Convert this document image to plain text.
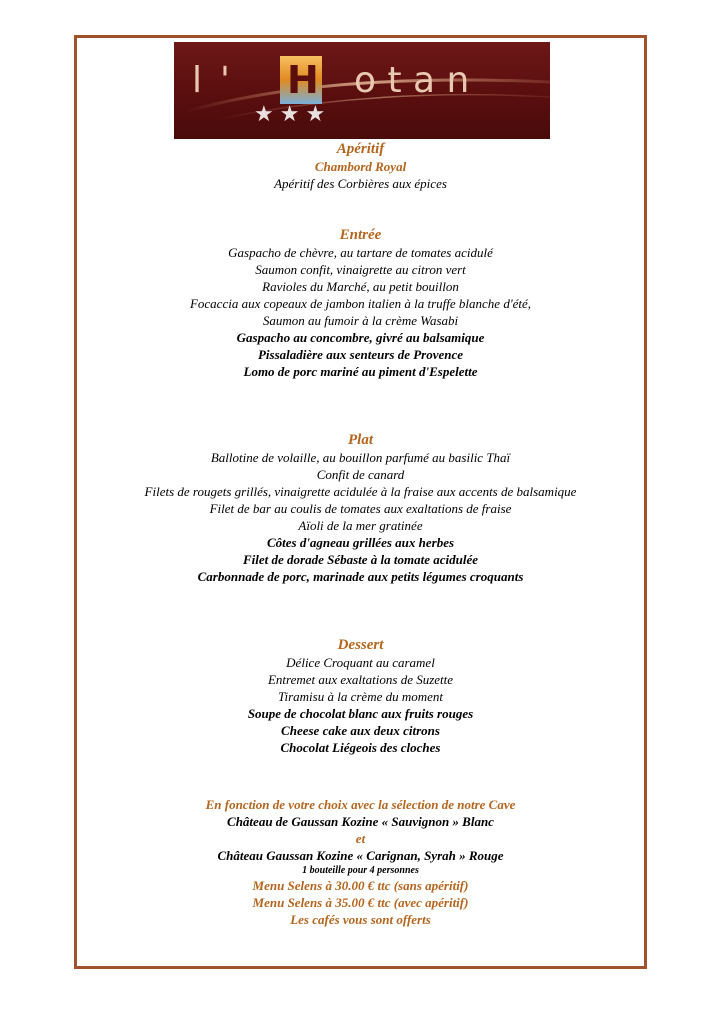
l' H o t a n
★★★
Apéritif
Chambord Royal
Apéritif des Corbières aux épices
Entrée
Gaspacho de chèvre, au tartare de tomates acidulé
Saumon confit, vinaigrette au citron vert
Ravioles du Marché, au petit bouillon
Focaccia aux copeaux de jambon italien à la truffe blanche d'été,
Saumon au fumoir à la crème Wasabi
Gaspacho au concombre, givré au balsamique
Pissaladière aux senteurs de Provence
Lomo de porc mariné au piment d'Espelette
Plat
Ballotine de volaille, au bouillon parfumé au basilic Thaï
Confit de canard
Filets de rougets grillés, vinaigrette acidulée à la fraise aux accents de balsamique
Filet de bar au coulis de tomates aux exaltations de fraise
Aïoli de la mer gratinée
Côtes d'agneau grillées aux herbes
Filet de dorade Sébaste à la tomate acidulée
Carbonnade de porc, marinade aux petits légumes croquants
Dessert
Délice Croquant au caramel
Entremet aux exaltations de Suzette
Tiramisu à la crème du moment
Soupe de chocolat blanc aux fruits rouges
Cheese cake aux deux citrons
Chocolat Liégeois des cloches
En fonction de votre choix avec la sélection de notre Cave
Château de Gaussan Kozine « Sauvignon » Blanc
et
Château Gaussan Kozine « Carignan, Syrah » Rouge
1 bouteille pour 4 personnes
Menu Selens à 30.00 € ttc (sans apéritif)
Menu Selens à 35.00 € ttc (avec apéritif)
Les cafés vous sont offerts
